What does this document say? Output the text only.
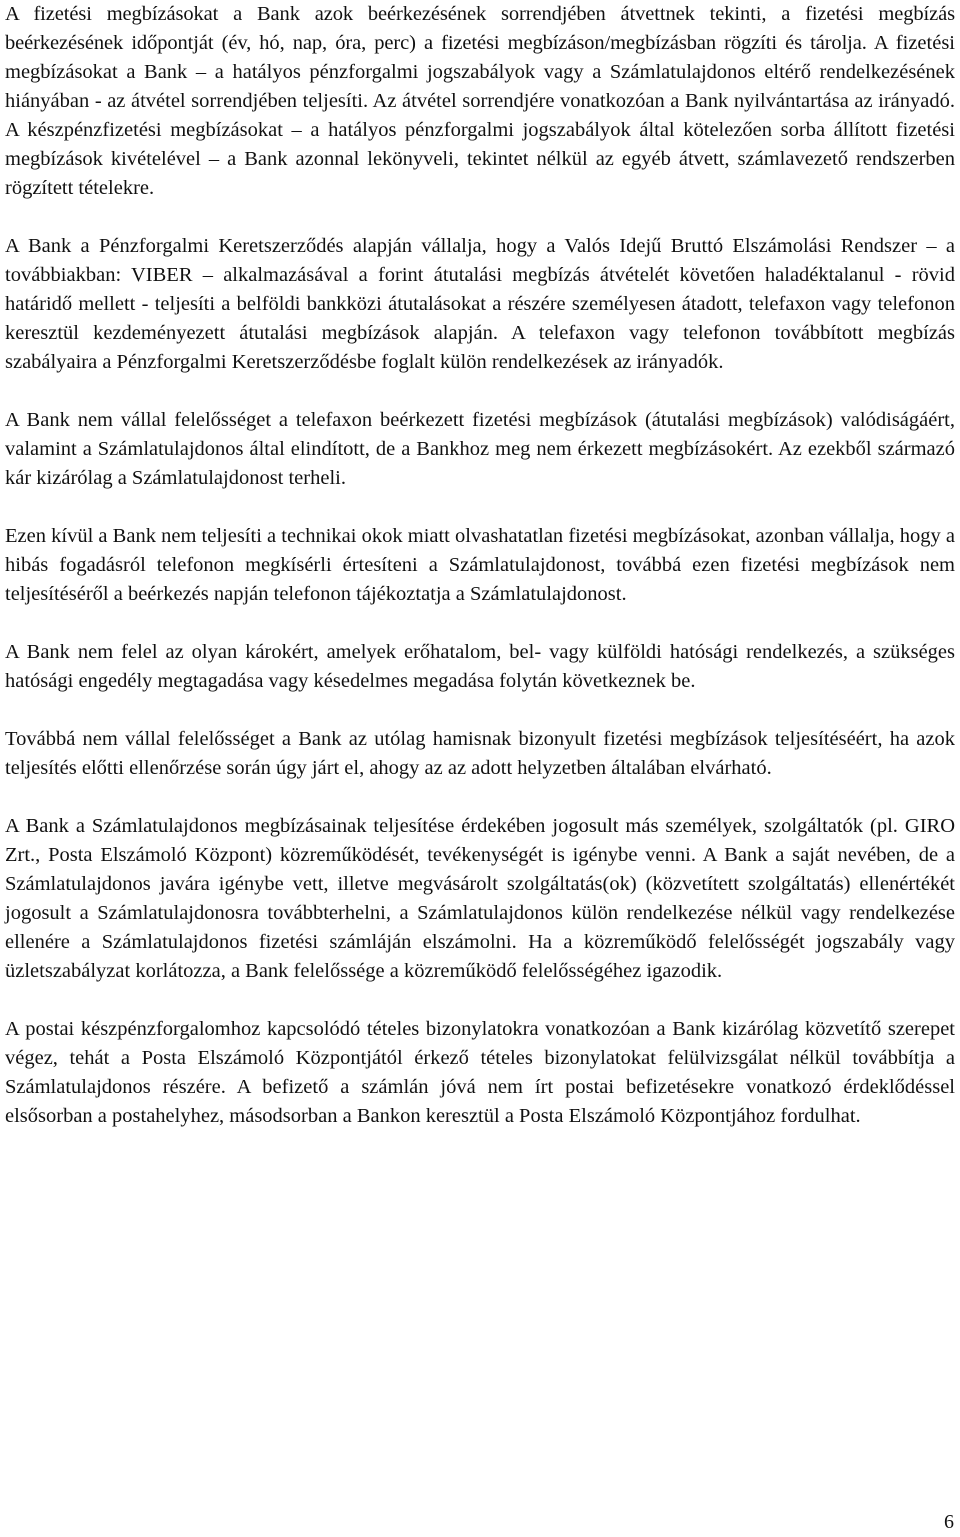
A fizetési megbízásokat a Bank azok beérkezésének sorrendjében átvettnek tekinti, a fizetési megbízás beérkezésének időpontját (év, hó, nap, óra, perc) a fizetési megbízáson/megbízásban rögzíti és tárolja. A fizetési megbízásokat a Bank – a hatályos pénzforgalmi jogszabályok vagy a Számlatulajdonos eltérő rendelkezésének hiányában - az átvétel sorrendjében teljesíti. Az átvétel sorrendjére vonatkozóan a Bank nyilvántartása az irányadó. A készpénzfizetési megbízásokat – a hatályos pénzforgalmi jogszabályok által kötelezően sorba állított fizetési megbízások kivételével – a Bank azonnal lekönyveli, tekintet nélkül az egyéb átvett, számlavezető rendszerben rögzített tételekre.

A Bank a Pénzforgalmi Keretszerződés alapján vállalja, hogy a Valós Idejű Bruttó Elszámolási Rendszer – a továbbiakban: VIBER – alkalmazásával a forint átutalási megbízás átvételét követően haladéktalanul - rövid határidő mellett - teljesíti a belföldi bankközi átutalásokat a részére személyesen átadott, telefaxon vagy telefonon keresztül kezdeményezett átutalási megbízások alapján. A telefaxon vagy telefonon továbbított megbízás szabályaira a Pénzforgalmi Keretszerződésbe foglalt külön rendelkezések az irányadók.

A Bank nem vállal felelősséget a telefaxon beérkezett fizetési megbízások (átutalási megbízások) valódiságáért, valamint a Számlatulajdonos által elindított, de a Bankhoz meg nem érkezett megbízásokért. Az ezekből származó kár kizárólag a Számlatulajdonost terheli.

Ezen kívül a Bank nem teljesíti a technikai okok miatt olvashatatlan fizetési megbízásokat, azonban vállalja, hogy a hibás fogadásról telefonon megkísérli értesíteni a Számlatulajdonost, továbbá ezen fizetési megbízások nem teljesítéséről a beérkezés napján telefonon tájékoztatja a Számlatulajdonost.

A Bank nem felel az olyan károkért, amelyek erőhatalom, bel- vagy külföldi hatósági rendelkezés, a szükséges hatósági engedély megtagadása vagy késedelmes megadása folytán következnek be.

Továbbá nem vállal felelősséget a Bank az utólag hamisnak bizonyult fizetési megbízások teljesítéséért, ha azok teljesítés előtti ellenőrzése során úgy járt el, ahogy az az adott helyzetben általában elvárható.

A Bank a Számlatulajdonos megbízásainak teljesítése érdekében jogosult más személyek, szolgáltatók (pl. GIRO Zrt., Posta Elszámoló Központ) közreműködését, tevékenységét is igénybe venni. A Bank a saját nevében, de a Számlatulajdonos javára igénybe vett, illetve megvásárolt szolgáltatás(ok) (közvetített szolgáltatás) ellenértékét jogosult a Számlatulajdonosra továbbterhelni, a Számlatulajdonos külön rendelkezése nélkül vagy rendelkezése ellenére a Számlatulajdonos fizetési számláján elszámolni. Ha a közreműködő felelősségét jogszabály vagy üzletszabályzat korlátozza, a Bank felelőssége a közreműködő felelősségéhez igazodik.

A postai készpénzforgalomhoz kapcsolódó tételes bizonylatokra vonatkozóan a Bank kizárólag közvetítő szerepet végez, tehát a Posta Elszámoló Központjától érkező tételes bizonylatokat felülvizsgálat nélkül továbbítja a Számlatulajdonos részére. A befizető a számlán jóvá nem írt postai befizetésekre vonatkozó érdeklődéssel elsősorban a postahelyhez, másodsorban a Bankon keresztül a Posta Elszámoló Központjához fordulhat.

6
